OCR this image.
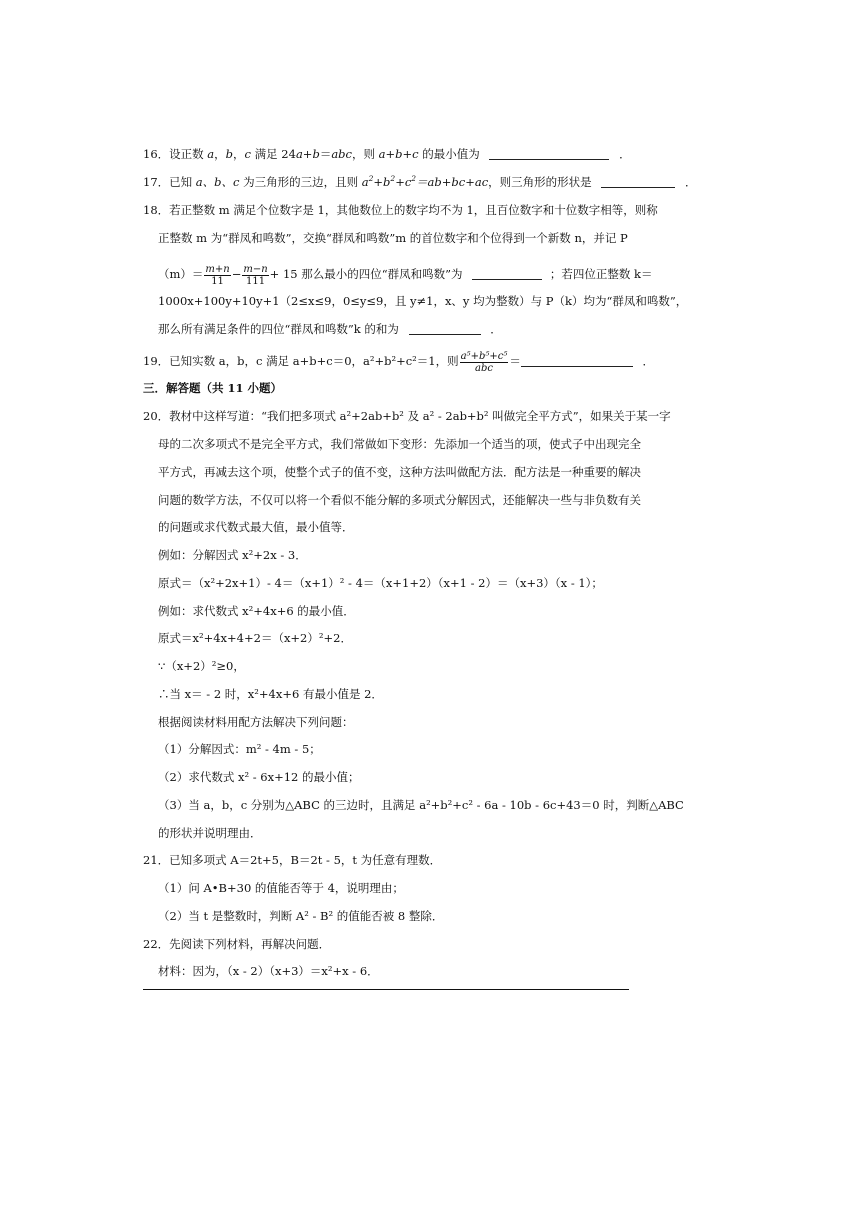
16．设正数 a，b，c 满足 24a+b＝abc，则 a+b+c 的最小值为	．
17．已知 a、b、c 为三角形的三边，且则 $a^2+b^2+c^2=ab+bc+ac$，则三角形的形状是	．
18．若正整数 m 满足个位数字是 1，其他数位上的数字均不为 1，且百位数字和十位数字相等，则称
正整数 m 为“群凤和鸣数”，交换“群凤和鸣数”m 的首位数字和个位得到一个新数 n，并记 P
$(m)= \frac{m+n}{11} - \frac{m-n}{111} + 15$ 那么最小的四位“群凤和鸣数”为	；若四位正整数 k＝
1000x+100y+10y+1（2≤x≤9，0≤y≤9，且 y≠1，x、y 均为整数）与 P（k）均为“群凤和鸣数”，
那么所有满足条件的四位“群凤和鸣数”k 的和为	．
19．已知实数 a，b，c 满足 a+b+c＝0，a²+b²+c²＝1，则 $\frac{\text{a⁵+b⁵+c⁵}}{\text{abc}}$ ＝	．
三．解答题（共 11 小题）
20．教材中这样写道：“我们把多项式 a²+2ab+b² 及 a² - 2ab+b² 叫做完全平方式”，如果关于某一字
母的二次多项式不是完全平方式，我们常做如下变形：先添加一个适当的项，使式子中出现完全
平方式，再减去这个项，使整个式子的值不变，这种方法叫做配方法．配方法是一种重要的解决
问题的数学方法，不仅可以将一个看似不能分解的多项式分解因式，还能解决一些与非负数有关
的问题或求代数式最大值，最小值等．
例如：分解因式 x²+2x - 3．
原式＝（x²+2x+1）- 4＝（x+1）² - 4＝（x+1+2）（x+1 - 2）＝（x+3）（x - 1）；
例如：求代数式 x²+4x+6 的最小值．
原式＝x²+4x+4+2＝（x+2）²+2．
∵（x+2）²≥0，
∴当 x＝ - 2 时，x²+4x+6 有最小值是 2．
根据阅读材料用配方法解决下列问题：
（1）分解因式：m² - 4m - 5；
（2）求代数式 x² - 6x+12 的最小值；
（3）当 a，b，c 分别为△ABC 的三边时，且满足 a²+b²+c² - 6a - 10b - 6c+43＝0 时，判断△ABC
的形状并说明理由．
21．已知多项式 A＝2t+5，B＝2t - 5，t 为任意有理数．
（1）问 A•B+30 的值能否等于 4，说明理由；
（2）当 t 是整数时，判断 A² - B² 的值能否被 8 整除．
22．先阅读下列材料，再解决问题．
材料：因为，（x - 2）（x+3）＝x²+x - 6．
